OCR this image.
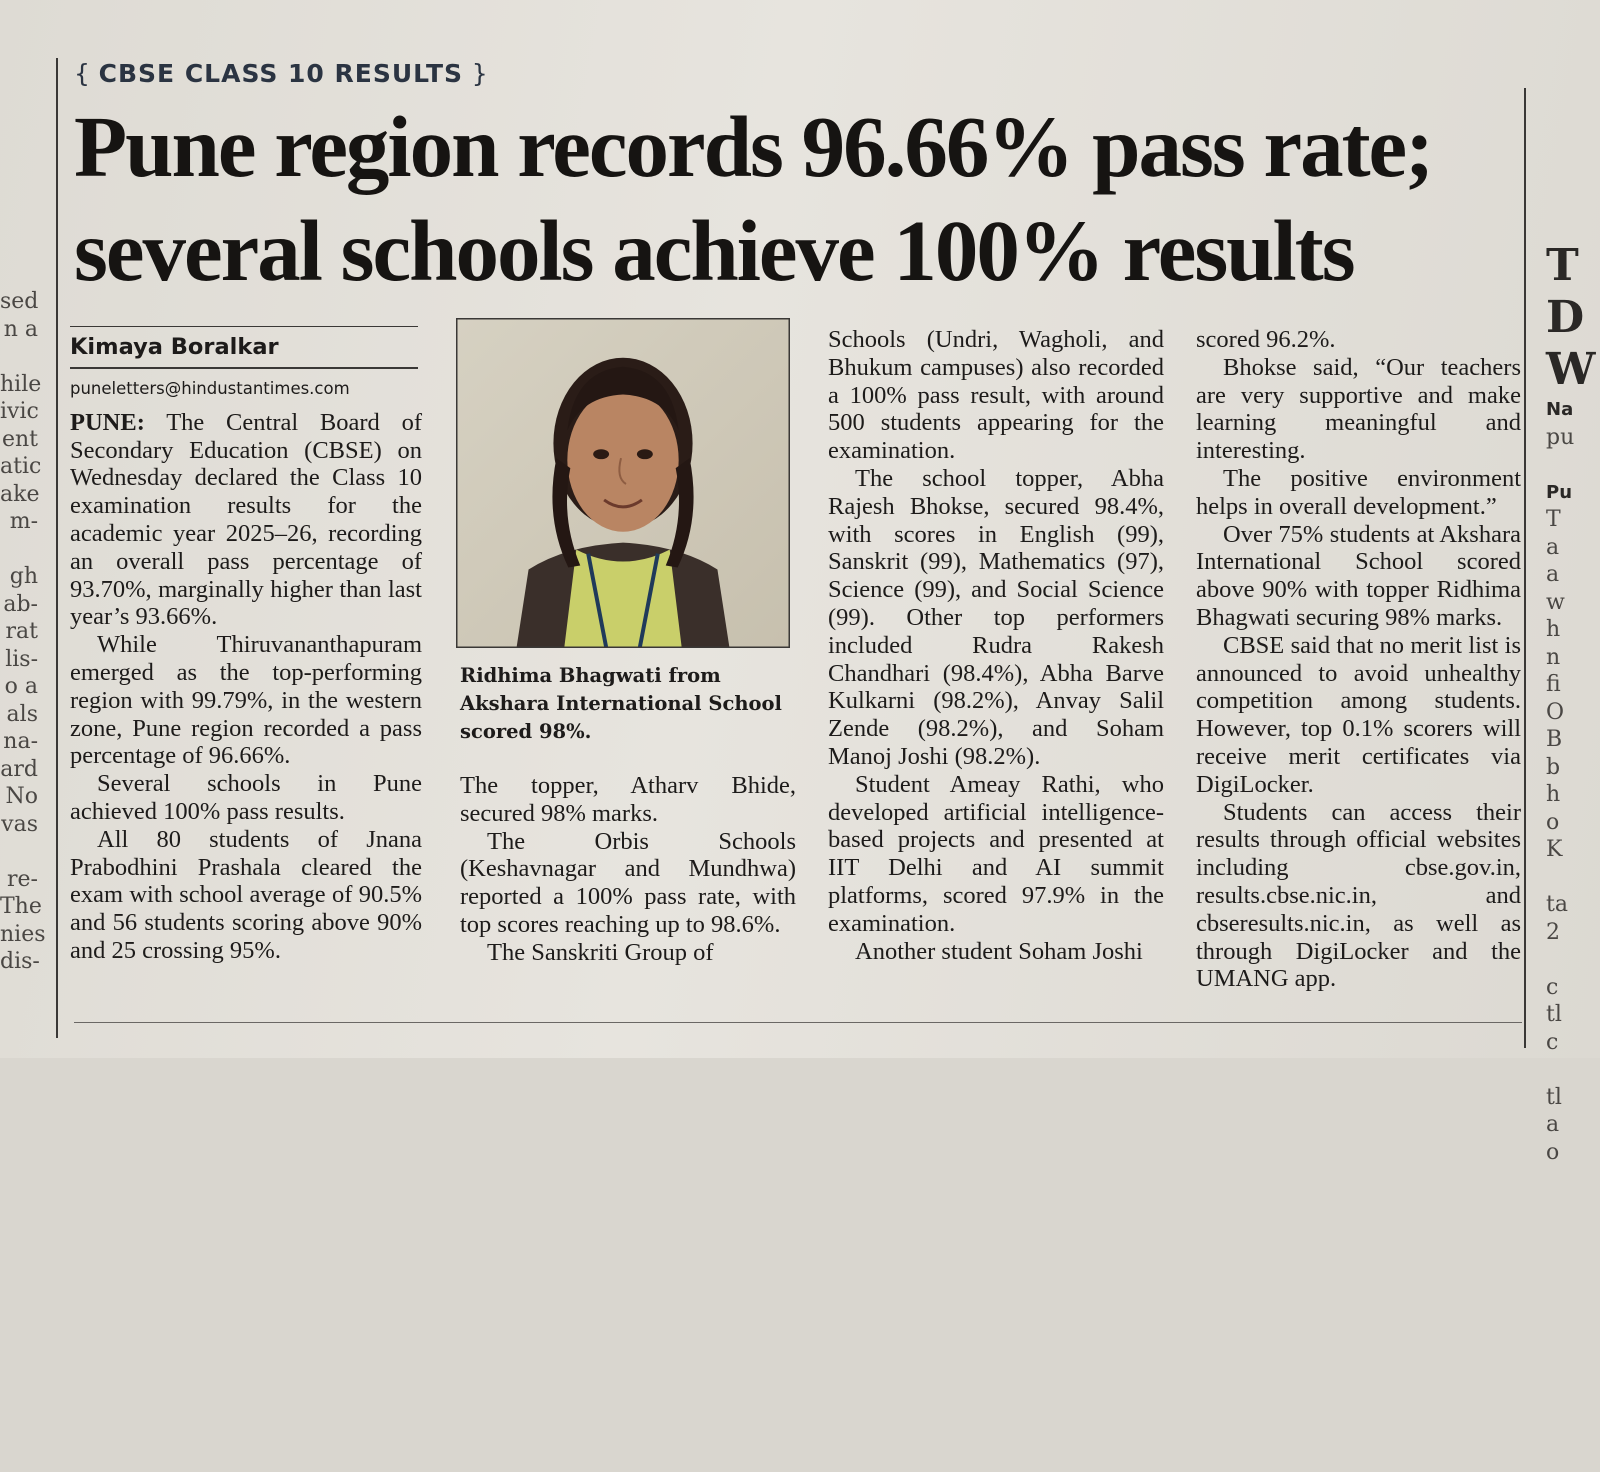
sed
n a

hile
ivic
ent
atic
ake
m-

gh
ab-
rat
lis-
o a
als
na-
ard
No
vas

re-
The
nies
dis-
T
D
W
Na
pu

Pu
T
a
a
w
h
n
fi
O
B
b
h
o
K

ta
2

c
tl
c

tl
a
o
{ CBSE CLASS 10 RESULTS }
Pune region records 96.66% pass rate;
several schools achieve 100% results
Kimaya Boralkar
puneletters@hindustantimes.com

PUNE: The Central Board of Secondary Education (CBSE) on Wednesday declared the Class 10 examination results for the academic year 2025–26, recording an overall pass percentage of 93.70%, marginally higher than last year’s 93.66%.

While Thiruvananthapuram emerged as the top-performing region with 99.79%, in the western zone, Pune region recorded a pass percentage of 96.66%.

Several schools in Pune achieved 100% pass results.

All 80 students of Jnana Prabodhini Prashala cleared the exam with school average of 90.5% and 56 students scoring above 90% and 25 crossing 95%.

Ridhima Bhagwati from
Akshara International School
scored 98%.

The topper, Atharv Bhide, secured 98% marks.

The Orbis Schools (Keshavnagar and Mundhwa) reported a 100% pass rate, with top scores reaching up to 98.6%.

The Sanskriti Group of

Schools (Undri, Wagholi, and Bhukum campuses) also recorded a 100% pass result, with around 500 students appearing for the examination.

The school topper, Abha Rajesh Bhokse, secured 98.4%, with scores in English (99), Sanskrit (99), Mathematics (97), Science (99), and Social Science (99). Other top performers included Rudra Rakesh Chandhari (98.4%), Abha Barve Kulkarni (98.2%), Anvay Salil Zende (98.2%), and Soham Manoj Joshi (98.2%).

Student Ameay Rathi, who developed artificial intelligence-based projects and presented at IIT Delhi and AI summit platforms, scored 97.9% in the examination.

Another student Soham Joshi

scored 96.2%.

Bhokse said, “Our teachers are very supportive and make learning meaningful and interesting.

The positive environment helps in overall development.”

Over 75% students at Akshara International School scored above 90% with topper Ridhima Bhagwati securing 98% marks.

CBSE said that no merit list is announced to avoid unhealthy competition among students. However, top 0.1% scorers will receive merit certificates via DigiLocker.

Students can access their results through official websites including cbse.gov.in, results.cbse.nic.in, and cbseresults.nic.in, as well as through DigiLocker and the UMANG app.
